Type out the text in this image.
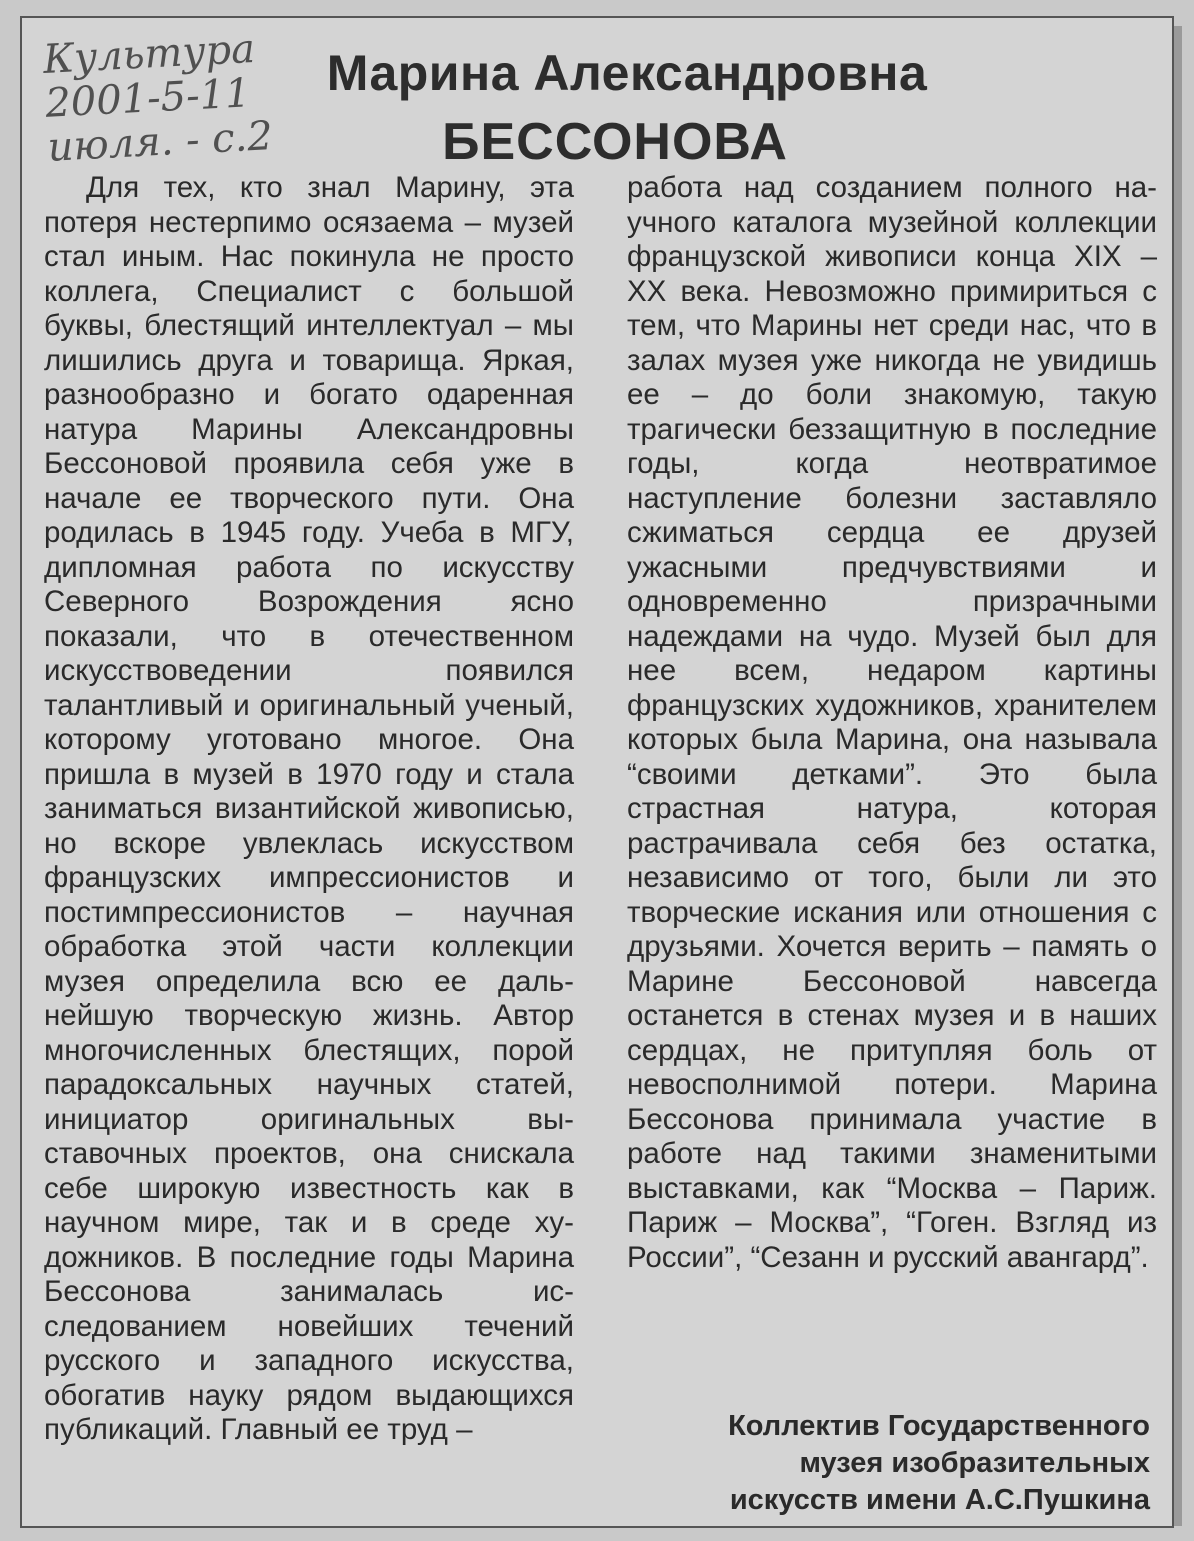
Культура
2001-5-11
июля. - с.2
Марина Александровна
БЕССОНОВА

Для тех, кто знал Марину, эта потеря нестерпимо осязаема – музей стал иным. Нас покинула не просто коллега, Специалист с большой буквы, блестящий интеллектуал – мы лишились друга и товарища. Яркая, разнообразно и богато одаренная натура Марины Александровны Бессоновой проявила себя уже в начале ее творческого пути. Она родилась в 1945 году. Учеба в МГУ, дипломная работа по искусству Северного Возрождения ясно показали, что в отечественном искусствоведении появился талантливый и оригинальный ученый, которому уготовано многое. Она пришла в музей в 1970 году и стала заниматься византийской живописью, но вскоре увлеклась искусством французских импрессионистов и постимпрессионистов – научная обработка этой части коллекции музея определила всю ее дальнейшую творческую жизнь. Автор многочисленных блестящих, порой парадоксальных научных статей, инициатор оригинальных выставочных проектов, она снискaла себе широкую известность как в научном мире, так и в среде художников. В последние годы Марина Бессонова занималась исследованием новейших течений русского и западного искусства, обогатив науку рядом выдающихся публикаций. Главный ее труд –

работа над созданием полного научного каталога музейной коллекции французской живописи конца XIX – XX века. Невозможно примириться с тем, что Марины нет среди нас, что в залах музея уже никогда не увидишь ее – до боли знакомую, такую трагически беззащитную в последние годы, когда неотвратимое наступление болезни заставляло сжиматься сердца ее друзей ужасными предчувствиями и одновременно призрачными надеждами на чудо. Музей был для нее всем, недаром картины французских художников, хранителем которых была Марина, она называла “своими детками”. Это была страстная натура, которая растрачивала себя без остатка, независимо от того, были ли это творческие искания или отношения с друзьями. Хочется верить – память о Марине Бессоновой навсегда останется в стенах музея и в наших сердцах, не притупляя боль от невосполнимой потери. Марина Бессонова принимала участие в работе над такими знаменитыми выставками, как “Москва – Париж. Париж – Москва”, “Гоген. Взгляд из России”, “Сезанн и русский авангард”.

Коллектив Государственного
музея изобразительных
искусств имени А.С.Пушкина
